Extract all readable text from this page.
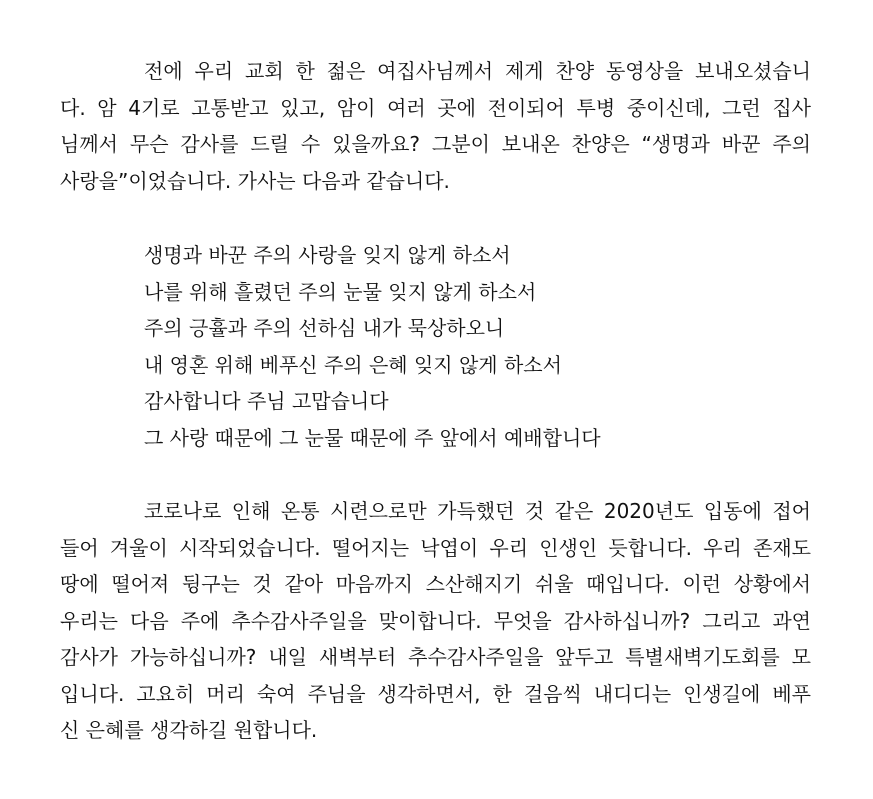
전에 우리 교회 한 젊은 여집사님께서 제게 찬양 동영상을 보내오셨습니
다. 암 4기로 고통받고 있고, 암이 여러 곳에 전이되어 투병 중이신데, 그런 집사
님께서 무슨 감사를 드릴 수 있을까요? 그분이 보내온 찬양은 “생명과 바꾼 주의
사랑을”이었습니다. 가사는 다음과 같습니다.

생명과 바꾼 주의 사랑을 잊지 않게 하소서
나를 위해 흘렸던 주의 눈물 잊지 않게 하소서
주의 긍휼과 주의 선하심 내가 묵상하오니
내 영혼 위해 베푸신 주의 은혜 잊지 않게 하소서
감사합니다 주님 고맙습니다
그 사랑 때문에 그 눈물 때문에 주 앞에서 예배합니다

코로나로 인해 온통 시련으로만 가득했던 것 같은 2020년도 입동에 접어
들어 겨울이 시작되었습니다. 떨어지는 낙엽이 우리 인생인 듯합니다. 우리 존재도
땅에 떨어져 뒹구는 것 같아 마음까지 스산해지기 쉬울 때입니다. 이런 상황에서
우리는 다음 주에 추수감사주일을 맞이합니다. 무엇을 감사하십니까? 그리고 과연
감사가 가능하십니까? 내일 새벽부터 추수감사주일을 앞두고 특별새벽기도회를 모
입니다. 고요히 머리 숙여 주님을 생각하면서, 한 걸음씩 내디디는 인생길에 베푸
신 은혜를 생각하길 원합니다.
